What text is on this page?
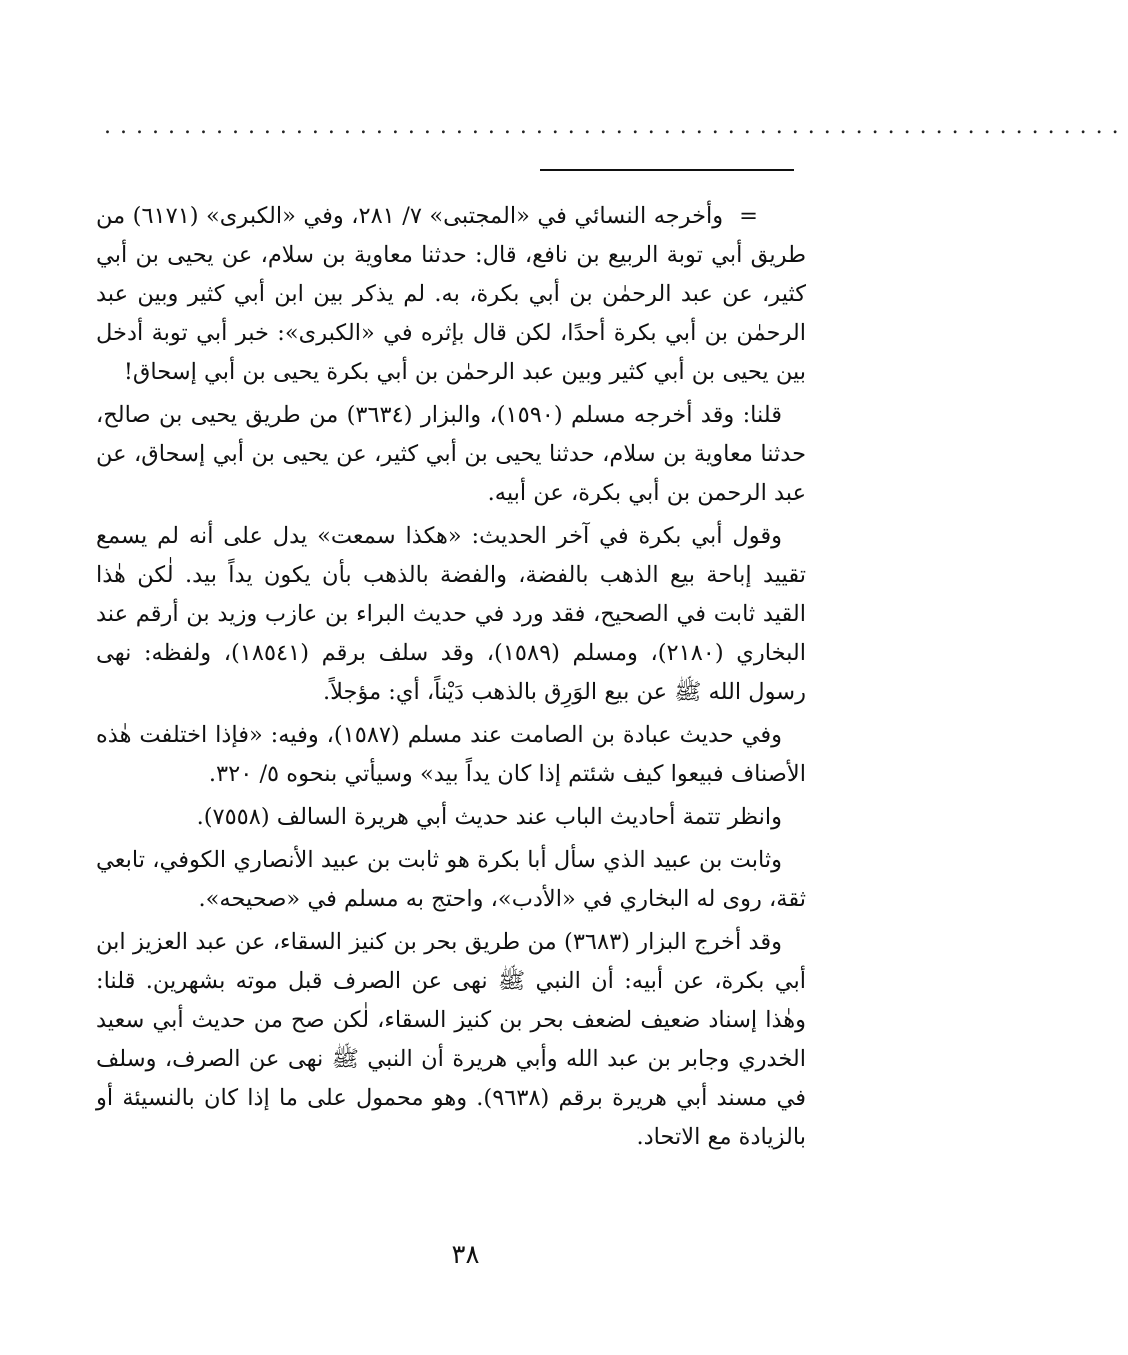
................................................................

=وأخرجه النسائي في «المجتبى» ٧/ ٢٨١، وفي «الكبرى» (٦١٧١) من طريق أبي توبة الربيع بن نافع، قال: حدثنا معاوية بن سلام، عن يحيى بن أبي كثير، عن عبد الرحمٰن بن أبي بكرة، به. لم يذكر بين ابن أبي كثير وبين عبد الرحمٰن بن أبي بكرة أحدًا، لكن قال بإثره في «الكبرى»: خبر أبي توبة أدخل بين يحيى بن أبي كثير وبين عبد الرحمٰن بن أبي بكرة يحيى بن أبي إسحاق!

قلنا: وقد أخرجه مسلم (١٥٩٠)، والبزار (٣٦٣٤) من طريق يحيى بن صالح، حدثنا معاوية بن سلام، حدثنا يحيى بن أبي كثير، عن يحيى بن أبي إسحاق، عن عبد الرحمن بن أبي بكرة، عن أبيه.

وقول أبي بكرة في آخر الحديث: «هكذا سمعت» يدل على أنه لم يسمع تقييد إباحة بيع الذهب بالفضة، والفضة بالذهب بأن يكون يداً بيد. لٰكن هٰذا القيد ثابت في الصحيح، فقد ورد في حديث البراء بن عازب وزيد بن أرقم عند البخاري (٢١٨٠)، ومسلم (١٥٨٩)، وقد سلف برقم (١٨٥٤١)، ولفظه: نهى رسول الله ﷺ عن بيع الوَرِق بالذهب دَيْناً، أي: مؤجلاً.

وفي حديث عبادة بن الصامت عند مسلم (١٥٨٧)، وفيه: «فإذا اختلفت هٰذه الأصناف فبيعوا كيف شئتم إذا كان يداً بيد» وسيأتي بنحوه ٥/ ٣٢٠.

وانظر تتمة أحاديث الباب عند حديث أبي هريرة السالف (٧٥٥٨).

وثابت بن عبيد الذي سأل أبا بكرة هو ثابت بن عبيد الأنصاري الكوفي، تابعي ثقة، روى له البخاري في «الأدب»، واحتج به مسلم في «صحيحه».

وقد أخرج البزار (٣٦٨٣) من طريق بحر بن كنيز السقاء، عن عبد العزيز ابن أبي بكرة، عن أبيه: أن النبي ﷺ نهى عن الصرف قبل موته بشهرين. قلنا: وهٰذا إسناد ضعيف لضعف بحر بن كنيز السقاء، لٰكن صح من حديث أبي سعيد الخدري وجابر بن عبد الله وأبي هريرة أن النبي ﷺ نهى عن الصرف، وسلف في مسند أبي هريرة برقم (٩٦٣٨). وهو محمول على ما إذا كان بالنسيئة أو بالزيادة مع الاتحاد.

٣٨
